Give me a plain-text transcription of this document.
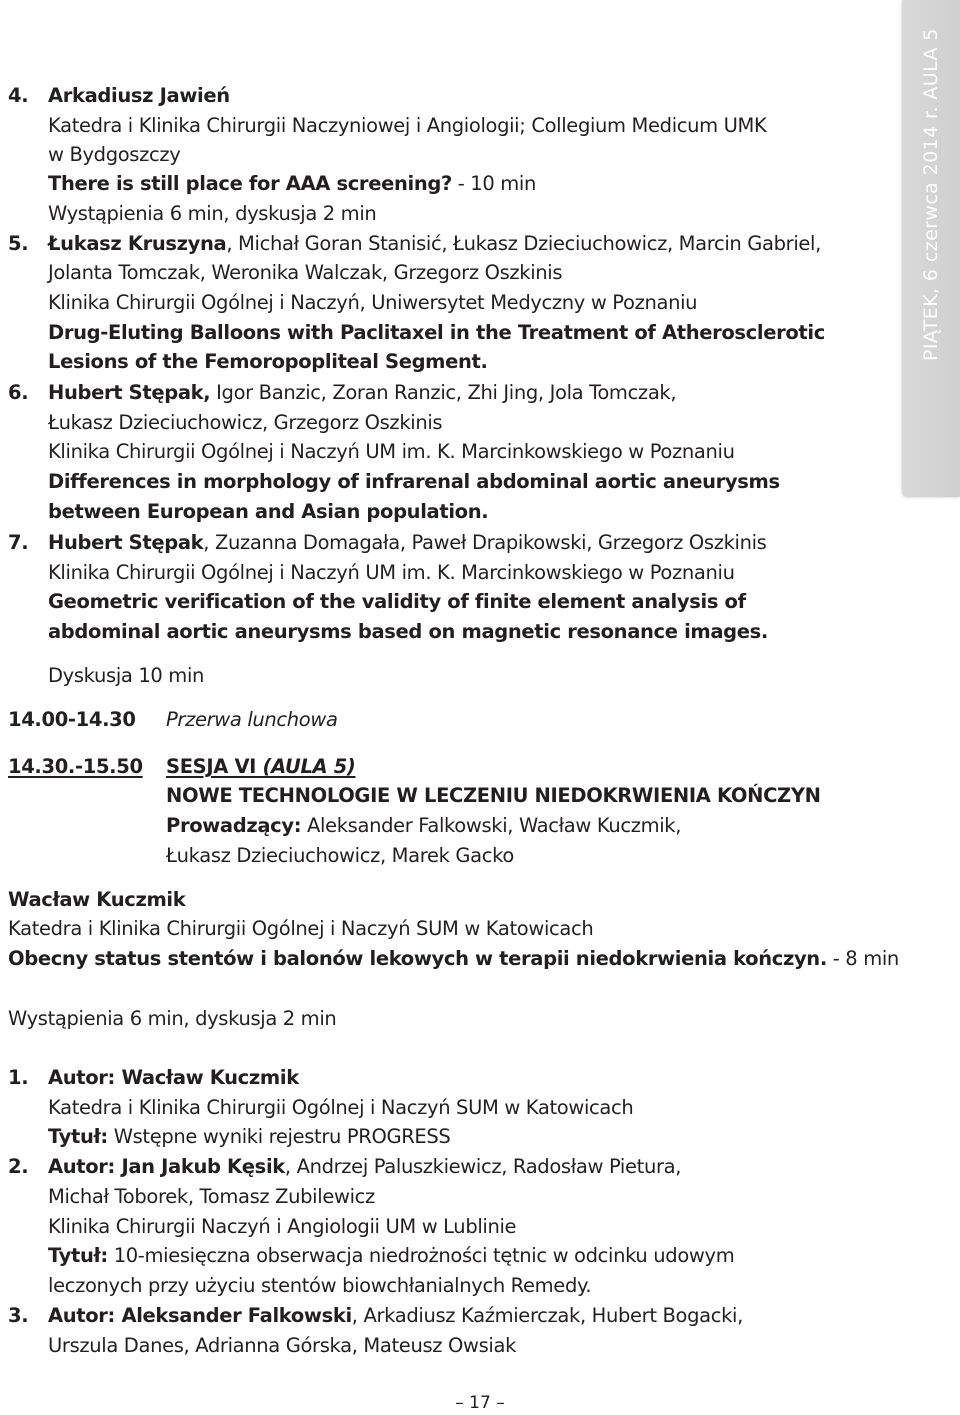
PIĄTEK, 6 czerwca 2014 r. AULA 5
4. Arkadiusz Jawień
Katedra i Klinika Chirurgii Naczyniowej i Angiologii; Collegium Medicum UMK
w Bydgoszczy
There is still place for AAA screening? - 10 min
Wystąpienia 6 min, dyskusja 2 min
5. Łukasz Kruszyna, Michał Goran Stanisić, Łukasz Dzieciuchowicz, Marcin Gabriel,
Jolanta Tomczak, Weronika Walczak, Grzegorz Oszkinis
Klinika Chirurgii Ogólnej i Naczyń, Uniwersytet Medyczny w Poznaniu
Drug-Eluting Balloons with Paclitaxel in the Treatment of Atherosclerotic
Lesions of the Femoropopliteal Segment.
6. Hubert Stępak, Igor Banzic, Zoran Ranzic, Zhi Jing, Jola Tomczak,
Łukasz Dzieciuchowicz, Grzegorz Oszkinis
Klinika Chirurgii Ogólnej i Naczyń UM im. K. Marcinkowskiego w Poznaniu
Differences in morphology of infrarenal abdominal aortic aneurysms
between European and Asian population.
7. Hubert Stępak, Zuzanna Domagała, Paweł Drapikowski, Grzegorz Oszkinis
Klinika Chirurgii Ogólnej i Naczyń UM im. K. Marcinkowskiego w Poznaniu
Geometric verification of the validity of finite element analysis of
abdominal aortic aneurysms based on magnetic resonance images.
Dyskusja 10 min
14.00-14.30 Przerwa lunchowa
14.30.-15.50	SESJA VI (AULA 5)
NOWE TECHNOLOGIE W LECZENIU NIEDOKRWIENIA KOŃCZYN
Prowadzący: Aleksander Falkowski, Wacław Kuczmik,
Łukasz Dzieciuchowicz, Marek Gacko
Wacław Kuczmik
Katedra i Klinika Chirurgii Ogólnej i Naczyń SUM w Katowicach
Obecny status stentów i balonów lekowych w terapii niedokrwienia kończyn. - 8 min
Wystąpienia 6 min, dyskusja 2 min
1. Autor: Wacław Kuczmik
Katedra i Klinika Chirurgii Ogólnej i Naczyń SUM w Katowicach
Tytuł: Wstępne wyniki rejestru PROGRESS
2. Autor: Jan Jakub Kęsik, Andrzej Paluszkiewicz, Radosław Pietura,
Michał Toborek, Tomasz Zubilewicz
Klinika Chirurgii Naczyń i Angiologii UM w Lublinie
Tytuł: 10-miesięczna obserwacja niedrożności tętnic w odcinku udowym
leczonych przy użyciu stentów biowchłanialnych Remedy.
3. Autor: Aleksander Falkowski, Arkadiusz Kaźmierczak, Hubert Bogacki,
Urszula Danes, Adrianna Górska, Mateusz Owsiak
– 17 –
